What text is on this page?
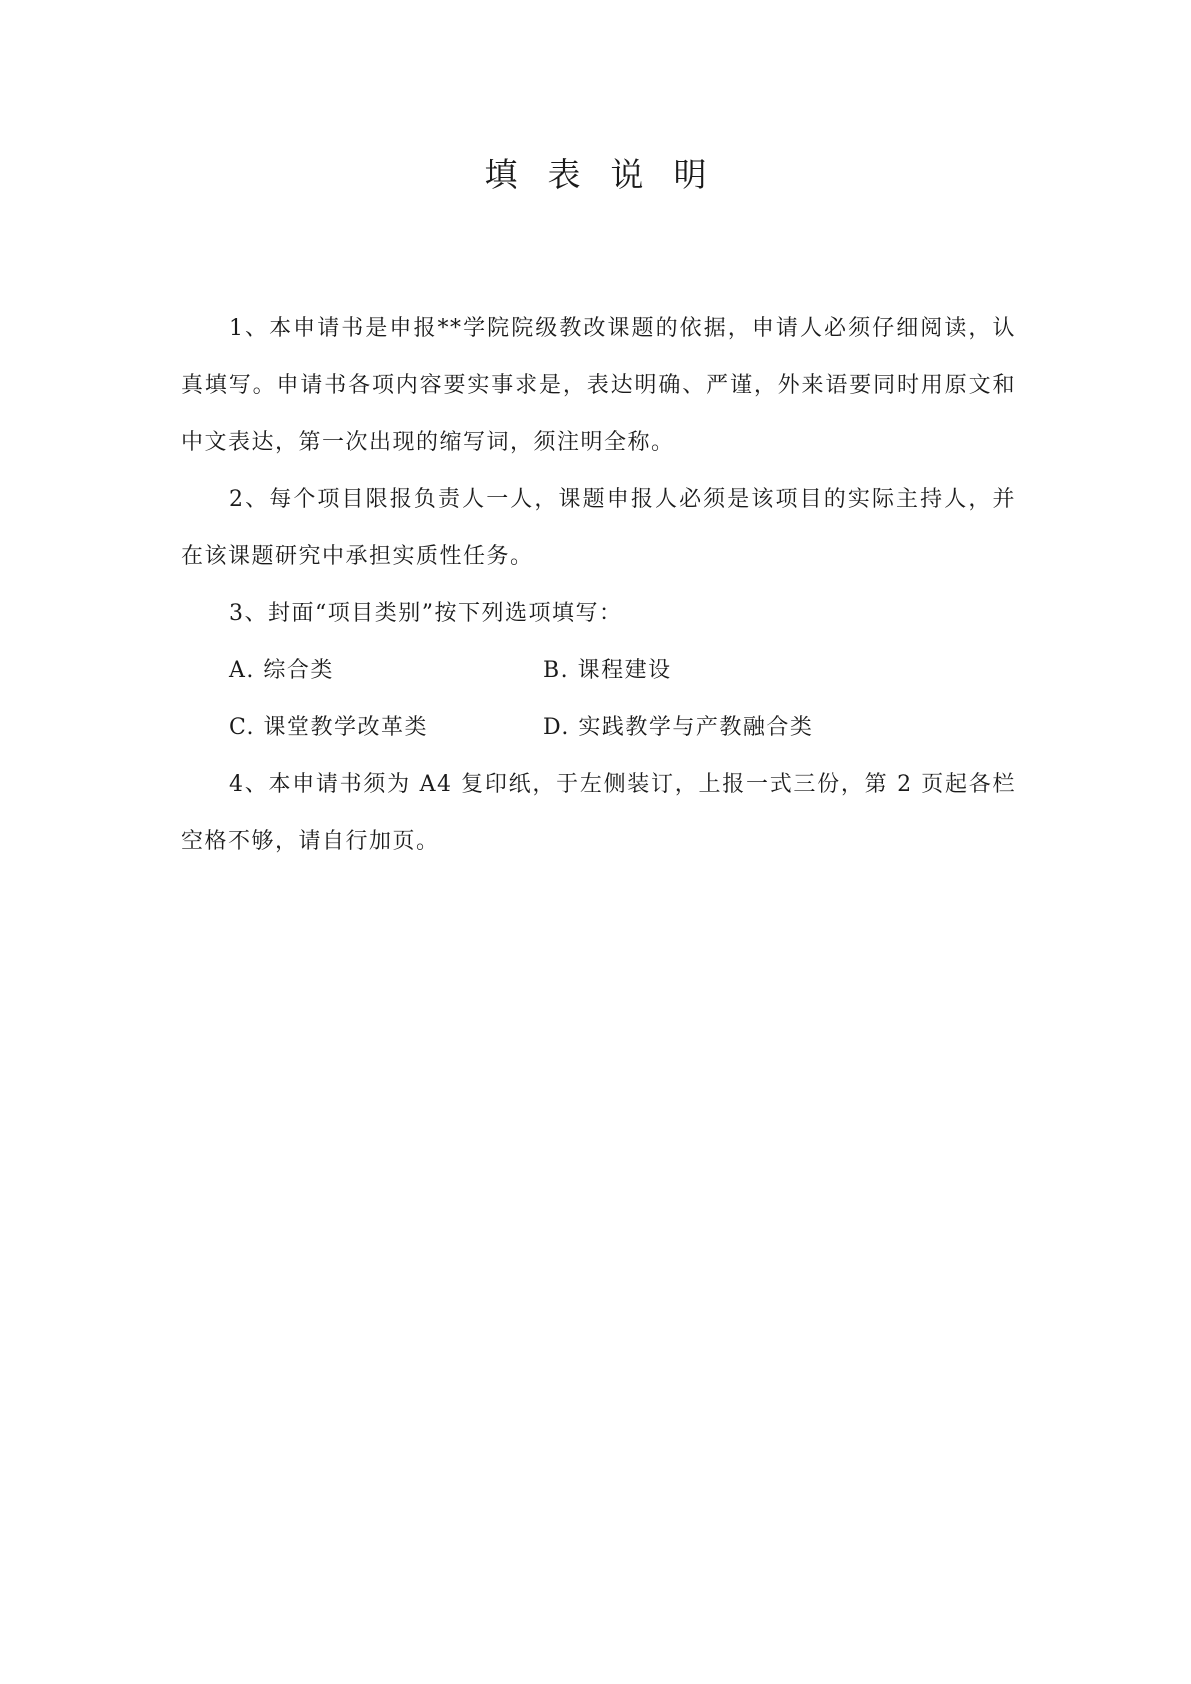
填表说明

1、本申请书是申报**学院院级教改课题的依据，申请人必须仔细阅读，认真填写。申请书各项内容要实事求是，表达明确、严谨，外来语要同时用原文和中文表达，第一次出现的缩写词，须注明全称。

2、每个项目限报负责人一人，课题申报人必须是该项目的实际主持人，并在该课题研究中承担实质性任务。

3、封面“项目类别”按下列选项填写：

A. 综合类	B. 课程建设
C. 课堂教学改革类	D. 实践教学与产教融合类

4、本申请书须为 A4 复印纸，于左侧装订，上报一式三份，第 2 页起各栏空格不够，请自行加页。
